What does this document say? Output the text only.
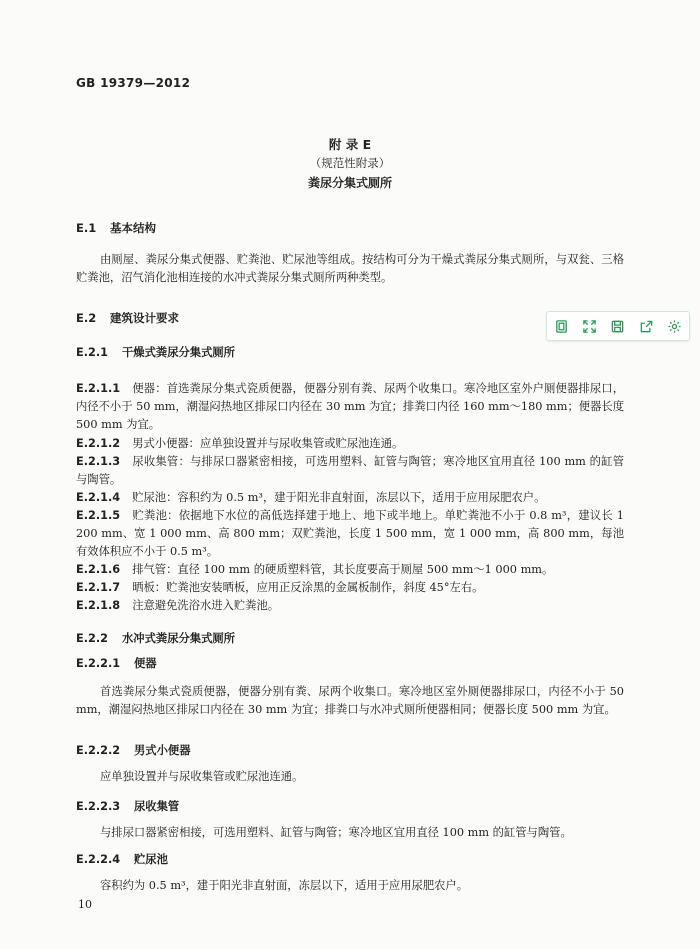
GB 19379—2012
附 录 E
（规范性附录）
粪尿分集式厕所
E.1 基本结构
由厕屋、粪尿分集式便器、贮粪池、贮尿池等组成。按结构可分为干燥式粪尿分集式厕所，与双瓮、三格贮粪池，沼气消化池相连接的水冲式粪尿分集式厕所两种类型。
E.2 建筑设计要求
E.2.1 干燥式粪尿分集式厕所
E.2.1.1 便器：首选粪尿分集式瓷质便器，便器分别有粪、尿两个收集口。寒冷地区室外户厕便器排尿口，内径不小于 50 mm，潮湿闷热地区排尿口内径在 30 mm 为宜；排粪口内径 160 mm～180 mm；便器长度 500 mm 为宜。
E.2.1.2 男式小便器：应单独设置并与尿收集管或贮尿池连通。
E.2.1.3 尿收集管：与排尿口器紧密相接，可选用塑料、缸管与陶管；寒冷地区宜用直径 100 mm 的缸管与陶管。
E.2.1.4 贮尿池：容积约为 0.5 m³，建于阳光非直射面，冻层以下，适用于应用尿肥农户。
E.2.1.5 贮粪池：依据地下水位的高低选择建于地上、地下或半地上。单贮粪池不小于 0.8 m³，建议长 1 200 mm、宽 1 000 mm、高 800 mm；双贮粪池，长度 1 500 mm，宽 1 000 mm，高 800 mm，每池有效体积应不小于 0.5 m³。
E.2.1.6 排气管：直径 100 mm 的硬质塑料管，其长度要高于厕屋 500 mm～1 000 mm。
E.2.1.7 晒板：贮粪池安装晒板，应用正反涂黑的金属板制作，斜度 45°左右。
E.2.1.8 注意避免洗浴水进入贮粪池。
E.2.2 水冲式粪尿分集式厕所
E.2.2.1 便器
首选粪尿分集式瓷质便器，便器分别有粪、尿两个收集口。寒冷地区室外厕便器排尿口，内径不小于 50 mm，潮湿闷热地区排尿口内径在 30 mm 为宜；排粪口与水冲式厕所便器相同；便器长度 500 mm 为宜。
E.2.2.2 男式小便器
应单独设置并与尿收集管或贮尿池连通。
E.2.2.3 尿收集管
与排尿口器紧密相接，可选用塑料、缸管与陶管；寒冷地区宜用直径 100 mm 的缸管与陶管。
E.2.2.4 贮尿池
容积约为 0.5 m³，建于阳光非直射面，冻层以下，适用于应用尿肥农户。
10
